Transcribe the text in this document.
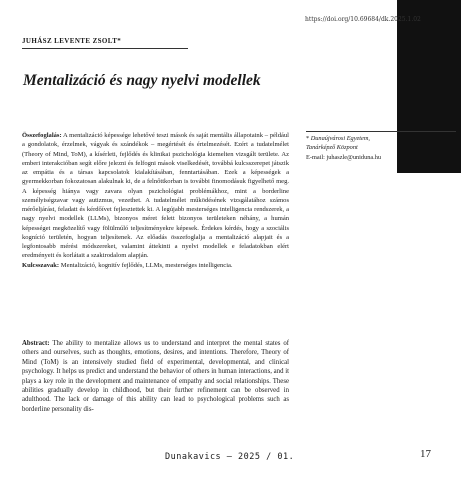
https://doi.org/10.69684/dk.2025.1.02
JUHÁSZ LEVENTE ZSOLT*
Mentalizáció és nagy nyelvi modellek
Összefoglalás: A mentalizáció képessége lehetővé teszi mások és saját mentális állapotaink – például a gondolatok, érzelmek, vágyak és szándékok – megértését és értelmezését. Ezért a tudatelmélet (Theory of Mind, ToM), a kísérleti, fejlődés és klinikai pszichológia kiemelten vizsgált területe. Az emberi interakcióban segít előre jelezni és felfogni mások viselkedését, továbbá kulcsszerepet játszik az empátia és a társas kapcsolatok kialakításában, fenntartásában. Ezek a képességek a gyermekkorban fokozatosan alakulnak ki, de a felnőttkorban is további finomodásuk figyelhető meg. A képesség hiánya vagy zavara olyan pszichológiai problémákhoz, mint a borderline személyiségzavar vagy autizmus, vezethet. A tudatelmélet működésének vizsgálatához számos mérőeljárást, feladatt és kérdőívet fejlesztettek ki. A legújabb mesterséges intelligencia rendszerek, a nagy nyelvi modellek (LLMs), bizonyos méret felett bizonyos területeken néhány, a humán képességet megközelítő vagy fölülmúló teljesítményekre képesek. Érdekes kérdés, hogy a szociális kogníció területén, hogyan teljesítenek. Az előadás összefoglalja a mentalizáció alapjait és a legfontosabb mérési módszereket, valamint áttekinti a nyelvi modellek e feladatokban elért eredményeit és korlátait a szakirodalom alapján.
Kulcsszavak: Mentalizáció, kognitív fejlődés, LLMs, mesterséges intelligencia.
* Dunaújvárosi Egyetem,
Tanárképző Központ
E-mail: juhaszle@uniduna.hu
Abstract: The ability to mentalize allows us to understand and interpret the mental states of others and ourselves, such as thoughts, emotions, desires, and intentions. Therefore, Theory of Mind (ToM) is an intensively studied field of experimental, developmental, and clinical psychology. It helps us predict and understand the behavior of others in human interactions, and it plays a key role in the development and maintenance of empathy and social relationships. These abilities gradually develop in childhood, but their further refinement can be observed in adulthood. The lack or damage of this ability can lead to psychological problems such as borderline personality dis-
Dunakavics – 2025 / 01.	17
